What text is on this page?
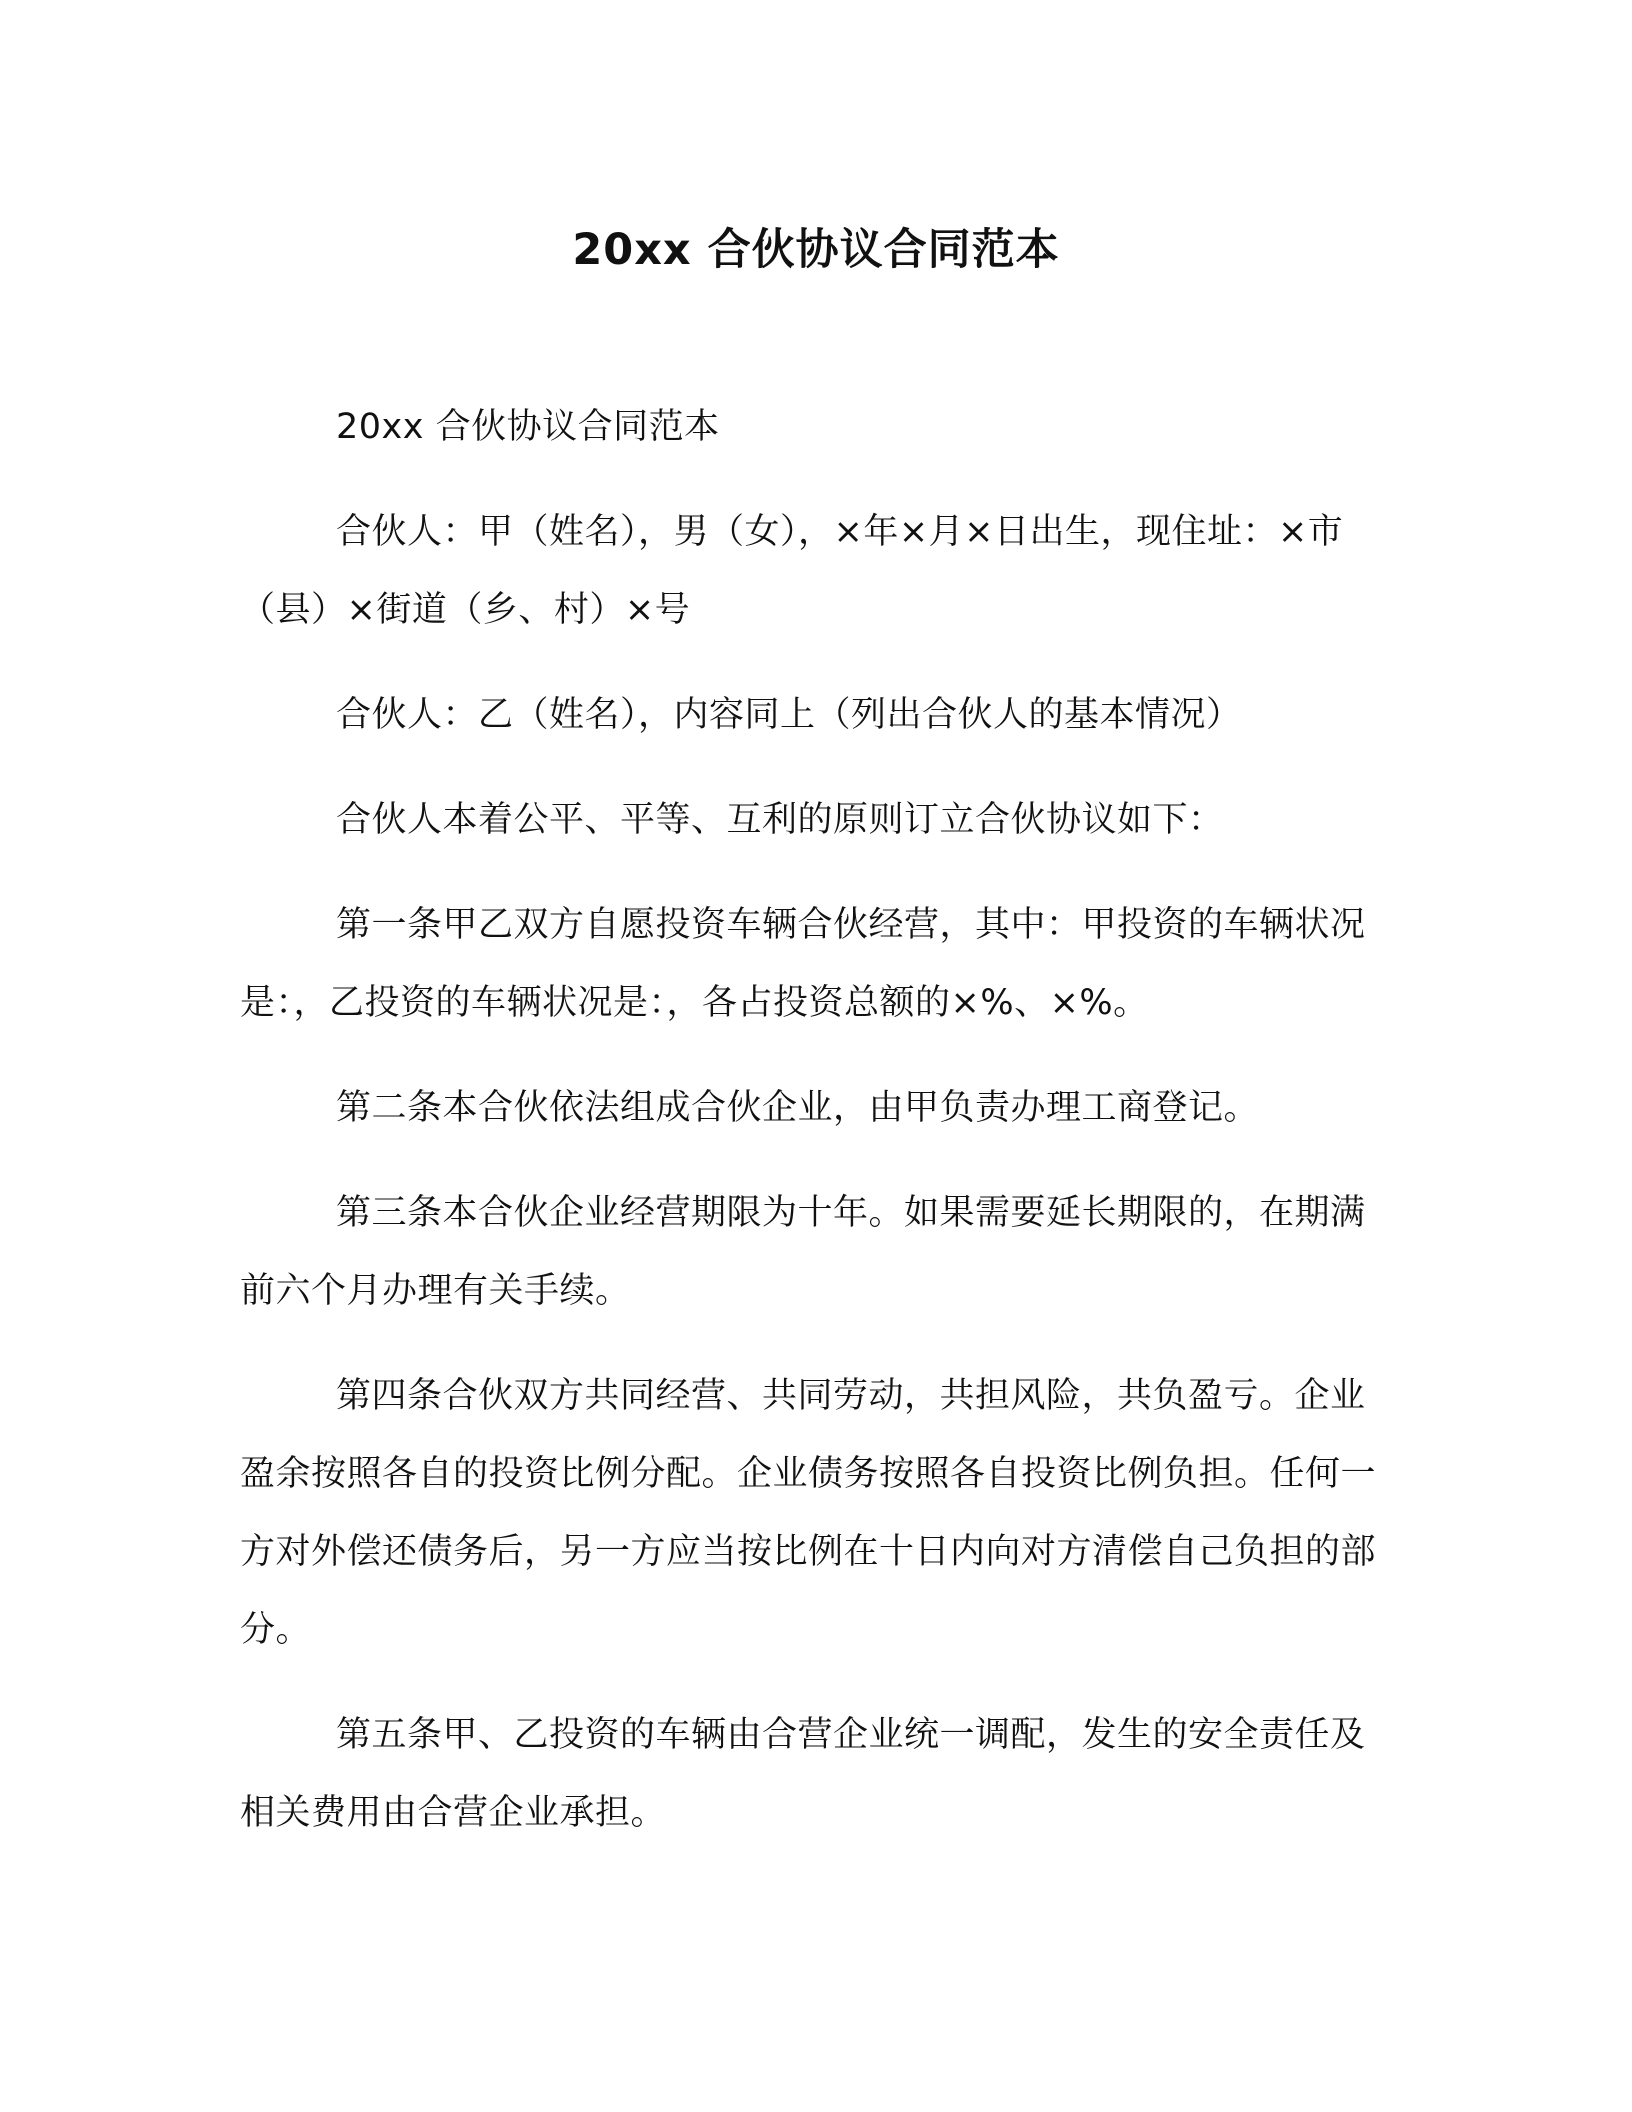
20xx 合伙协议合同范本

20xx 合伙协议合同范本

合伙人：甲（姓名），男（女），×年×月×日出生，现住址：×市（县）×街道（乡、村）×号

合伙人：乙（姓名），内容同上（列出合伙人的基本情况）

合伙人本着公平、平等、互利的原则订立合伙协议如下：

第一条甲乙双方自愿投资车辆合伙经营，其中：甲投资的车辆状况是：，乙投资的车辆状况是：，各占投资总额的×%、×%。

第二条本合伙依法组成合伙企业，由甲负责办理工商登记。

第三条本合伙企业经营期限为十年。如果需要延长期限的，在期满前六个月办理有关手续。

第四条合伙双方共同经营、共同劳动，共担风险，共负盈亏。企业盈余按照各自的投资比例分配。企业债务按照各自投资比例负担。任何一方对外偿还债务后，另一方应当按比例在十日内向对方清偿自己负担的部分。

第五条甲、乙投资的车辆由合营企业统一调配，发生的安全责任及相关费用由合营企业承担。
